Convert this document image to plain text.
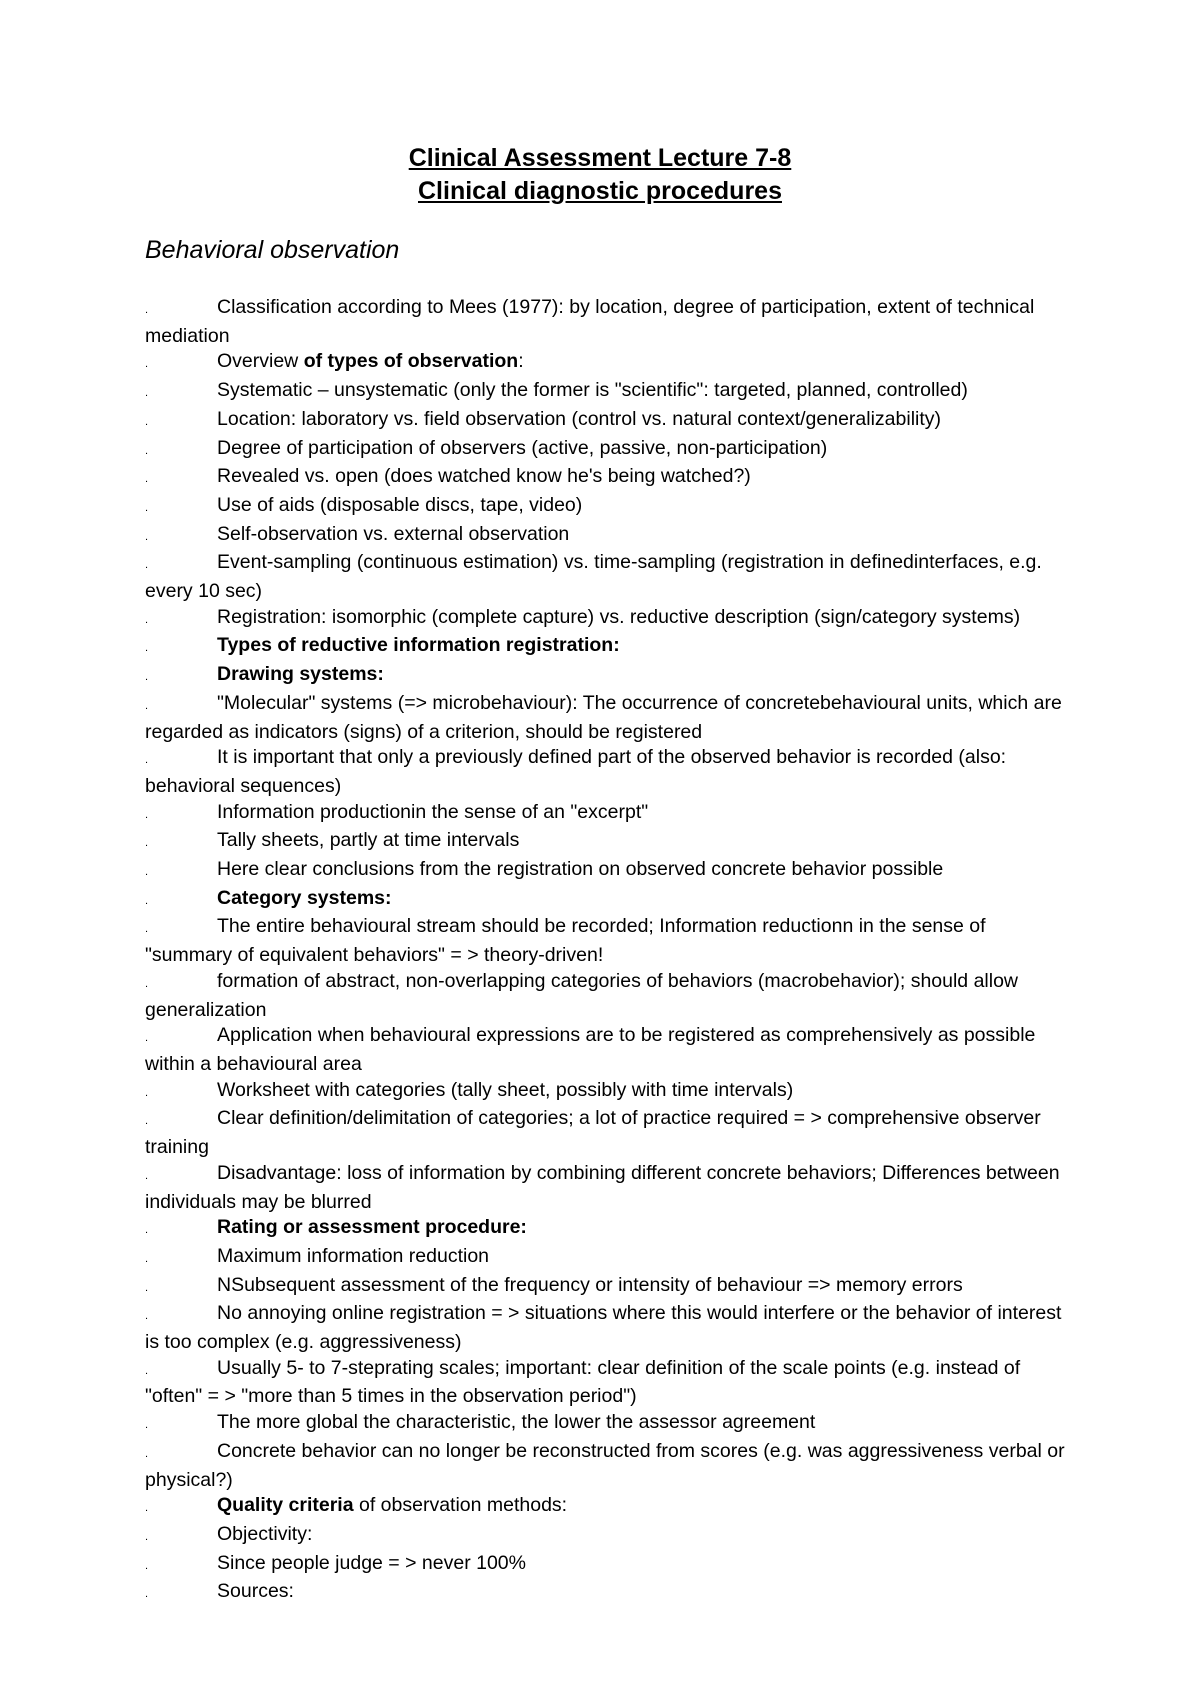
Clinical Assessment Lecture 7-8

Clinical diagnostic procedures

Behavioral observation

.	Classification according to Mees (1977): by location, degree of participation, extent of technical mediation
.	Overview of types of observation:
.	Systematic – unsystematic (only the former is "scientific": targeted, planned, controlled)
.	Location: laboratory vs. field observation (control vs. natural context/generalizability)
.	Degree of participation of observers (active, passive, non-participation)
.	Revealed vs. open (does watched know he's being watched?)
.	Use of aids (disposable discs, tape, video)
.	Self-observation vs. external observation
.	Event-sampling (continuous estimation) vs. time-sampling (registration in definedinterfaces, e.g. every 10 sec)
.	Registration: isomorphic (complete capture) vs. reductive description (sign/category systems)
.	Types of reductive information registration:
.	Drawing systems:
.	"Molecular" systems (=> microbehaviour): The occurrence of concretebehavioural units, which are regarded as indicators (signs) of a criterion, should be registered
.	It is important that only a previously defined part of the observed behavior is recorded (also: behavioral sequences)
.	Information productionin the sense of an "excerpt"
.	Tally sheets, partly at time intervals
.	Here clear conclusions from the registration on observed concrete behavior possible
.	Category systems:
.	The entire behavioural stream should be recorded; Information reductionn in the sense of "summary of equivalent behaviors" = > theory-driven!
.	formation of abstract, non-overlapping categories of behaviors (macrobehavior); should allow generalization
.	Application when behavioural expressions are to be registered as comprehensively as possible within a behavioural area
.	Worksheet with categories (tally sheet, possibly with time intervals)
.	Clear definition/delimitation of categories; a lot of practice required = > comprehensive observer training
.	Disadvantage: loss of information by combining different concrete behaviors; Differences between individuals may be blurred
.	Rating or assessment procedure:
.	Maximum information reduction
.	NSubsequent assessment of the frequency or intensity of behaviour => memory errors
.	No annoying online registration = > situations where this would interfere or the behavior of interest is too complex (e.g. aggressiveness)
.	Usually 5- to 7-steprating scales; important: clear definition of the scale points (e.g. instead of "often" = > "more than 5 times in the observation period")
.	The more global the characteristic, the lower the assessor agreement
.	Concrete behavior can no longer be reconstructed from scores (e.g. was aggressiveness verbal or physical?)
.	Quality criteria of observation methods:
.	Objectivity:
.	Since people judge = > never 100%
.	Sources:
